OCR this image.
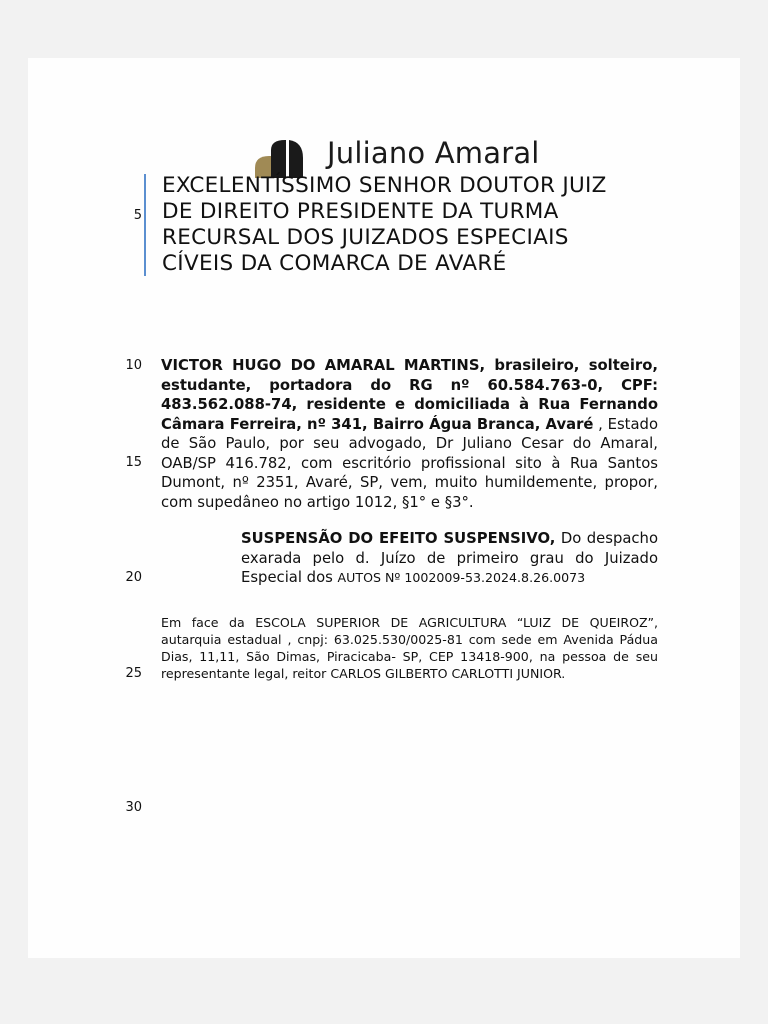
Juliano Amaral
EXCELENTÍSSIMO SENHOR DOUTOR JUIZ
DE DIREITO PRESIDENTE DA TURMA
RECURSAL DOS JUIZADOS ESPECIAIS
CÍVEIS DA COMARCA DE AVARÉ
5
10
15
20
25
30
VICTOR HUGO DO AMARAL MARTINS, brasileiro, solteiro, estudante, portadora do RG nº 60.584.763-0, CPF: 483.562.088-74, residente e domiciliada à Rua Fernando Câmara Ferreira, nº 341, Bairro Água Branca, Avaré , Estado de São Paulo, por seu advogado, Dr Juliano Cesar do Amaral, OAB/SP 416.782, com escritório profissional sito à Rua Santos Dumont, nº 2351, Avaré, SP, vem, muito humildemente, propor, com supedâneo no artigo 1012, §1° e §3°.
SUSPENSÃO DO EFEITO SUSPENSIVO, Do despacho exarada pelo d. Juízo de primeiro grau do Juizado Especial dos AUTOS Nº 1002009-53.2024.8.26.0073
Em face da ESCOLA SUPERIOR DE AGRICULTURA “LUIZ DE QUEIROZ”, autarquia estadual , cnpj: 63.025.530/0025-81 com sede em Avenida Pádua Dias, 11,11, São Dimas, Piracicaba- SP, CEP 13418-900, na pessoa de seu representante legal, reitor CARLOS GILBERTO CARLOTTI JUNIOR.
